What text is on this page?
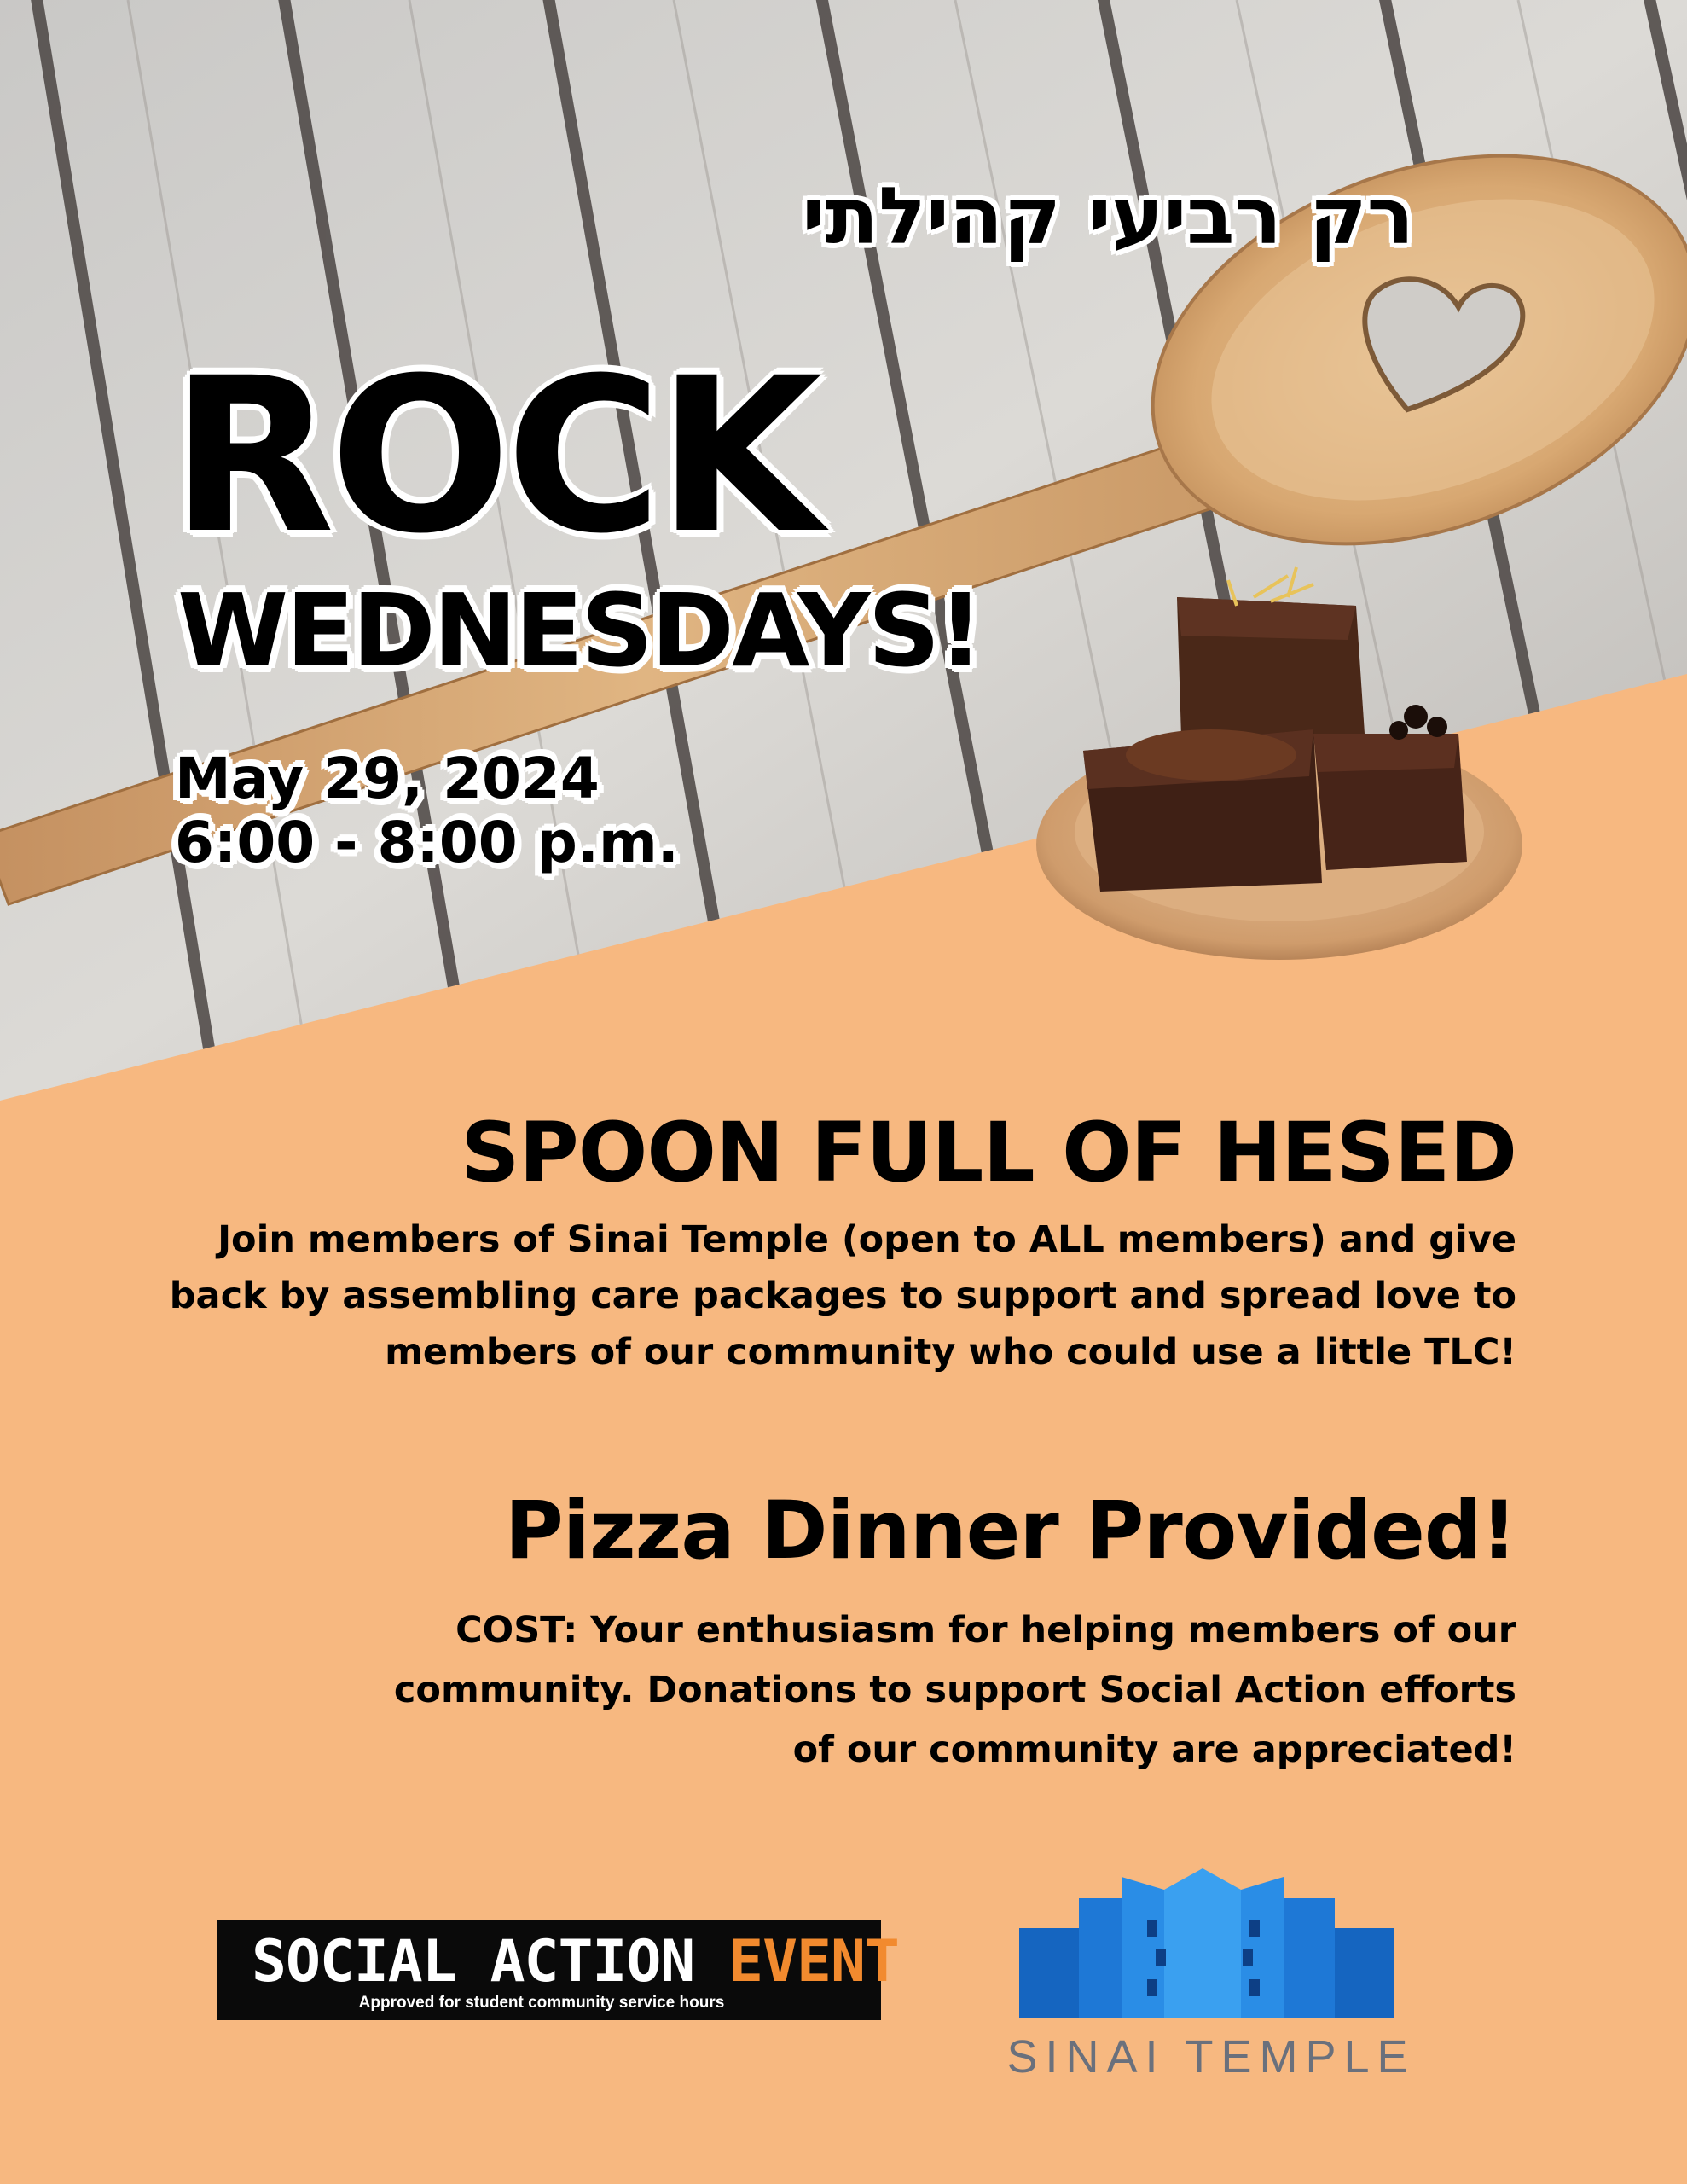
רק רביעי קהילתי
ROCK
WEDNESDAYS!
May 29, 2024
6:00 - 8:00 p.m.
SPOON FULL OF HESED
Join members of Sinai Temple (open to ALL members) and give back by assembling care packages to support and spread love to members of our community who could use a little TLC!
Pizza Dinner Provided!
COST: Your enthusiasm for helping members of our community. Donations to support Social Action efforts of our community are appreciated!
SOCIAL ACTION EVENT
Approved for student community service hours
SINAI TEMPLE
